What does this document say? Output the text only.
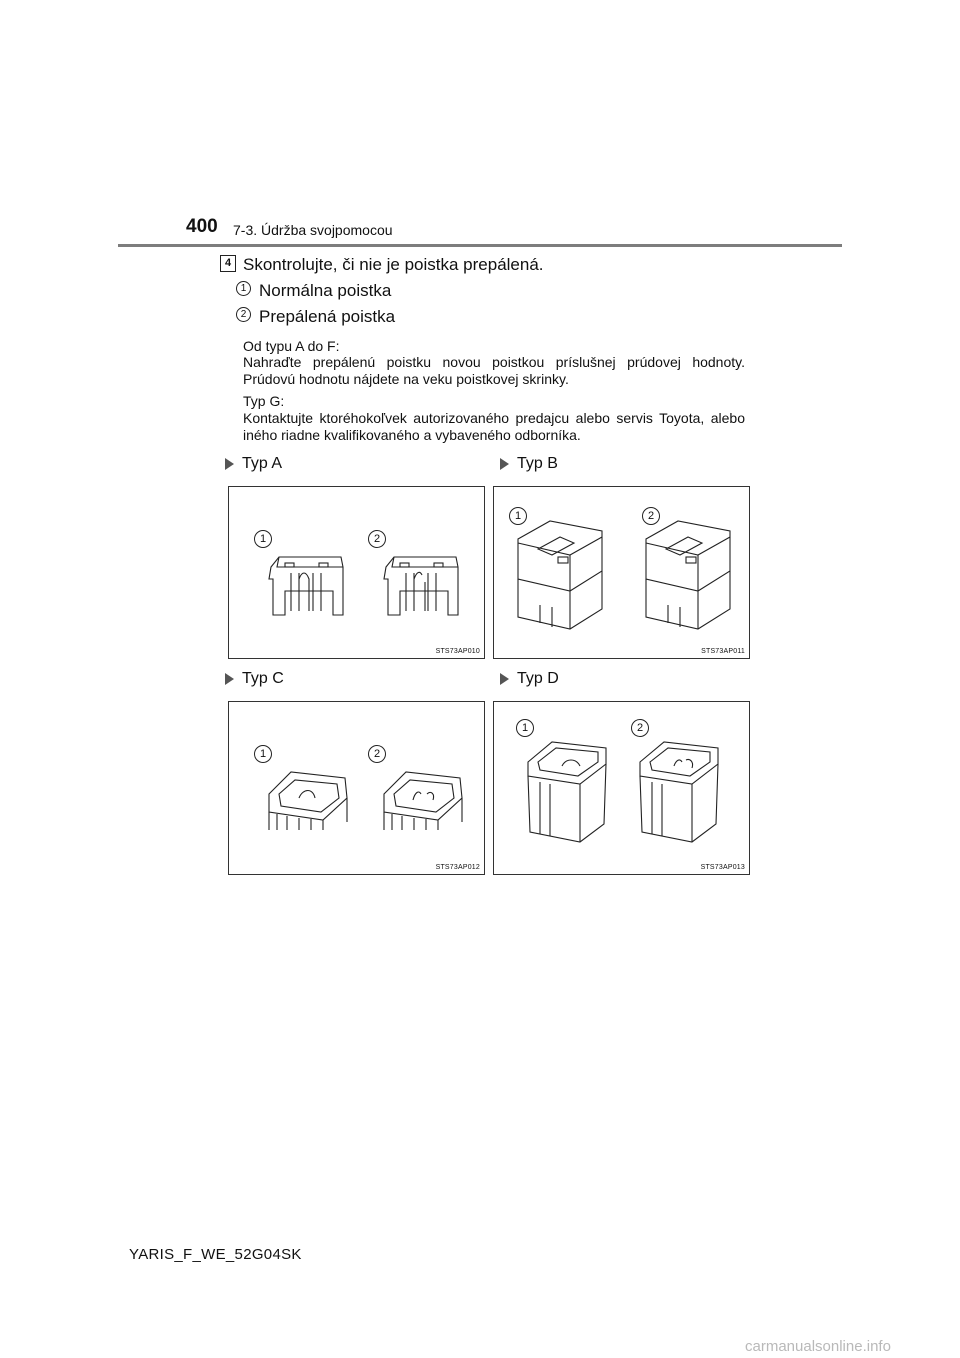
400 7-3. Údržba svojpomocou
4 Skontrolujte, či nie je poistka prepálená.
1 Normálna poistka
2 Prepálená poistka
Od typu A do F:
Nahraďte prepálenú poistku novou poistkou príslušnej prúdovej hodnoty. Prúdovú hodnotu nájdete na veku poistkovej skrinky.
Typ G:
Kontaktujte ktoréhokoľvek autorizovaného predajcu alebo servis Toyota, alebo iného riadne kvalifikovaného a vybaveného odborníka.
Typ A
1	2
STS73AP010
Typ B
1	2
STS73AP011
Typ C
1	2
STS73AP012
Typ D
1	2
STS73AP013
YARIS_F_WE_52G04SK
carmanualsonline.info
